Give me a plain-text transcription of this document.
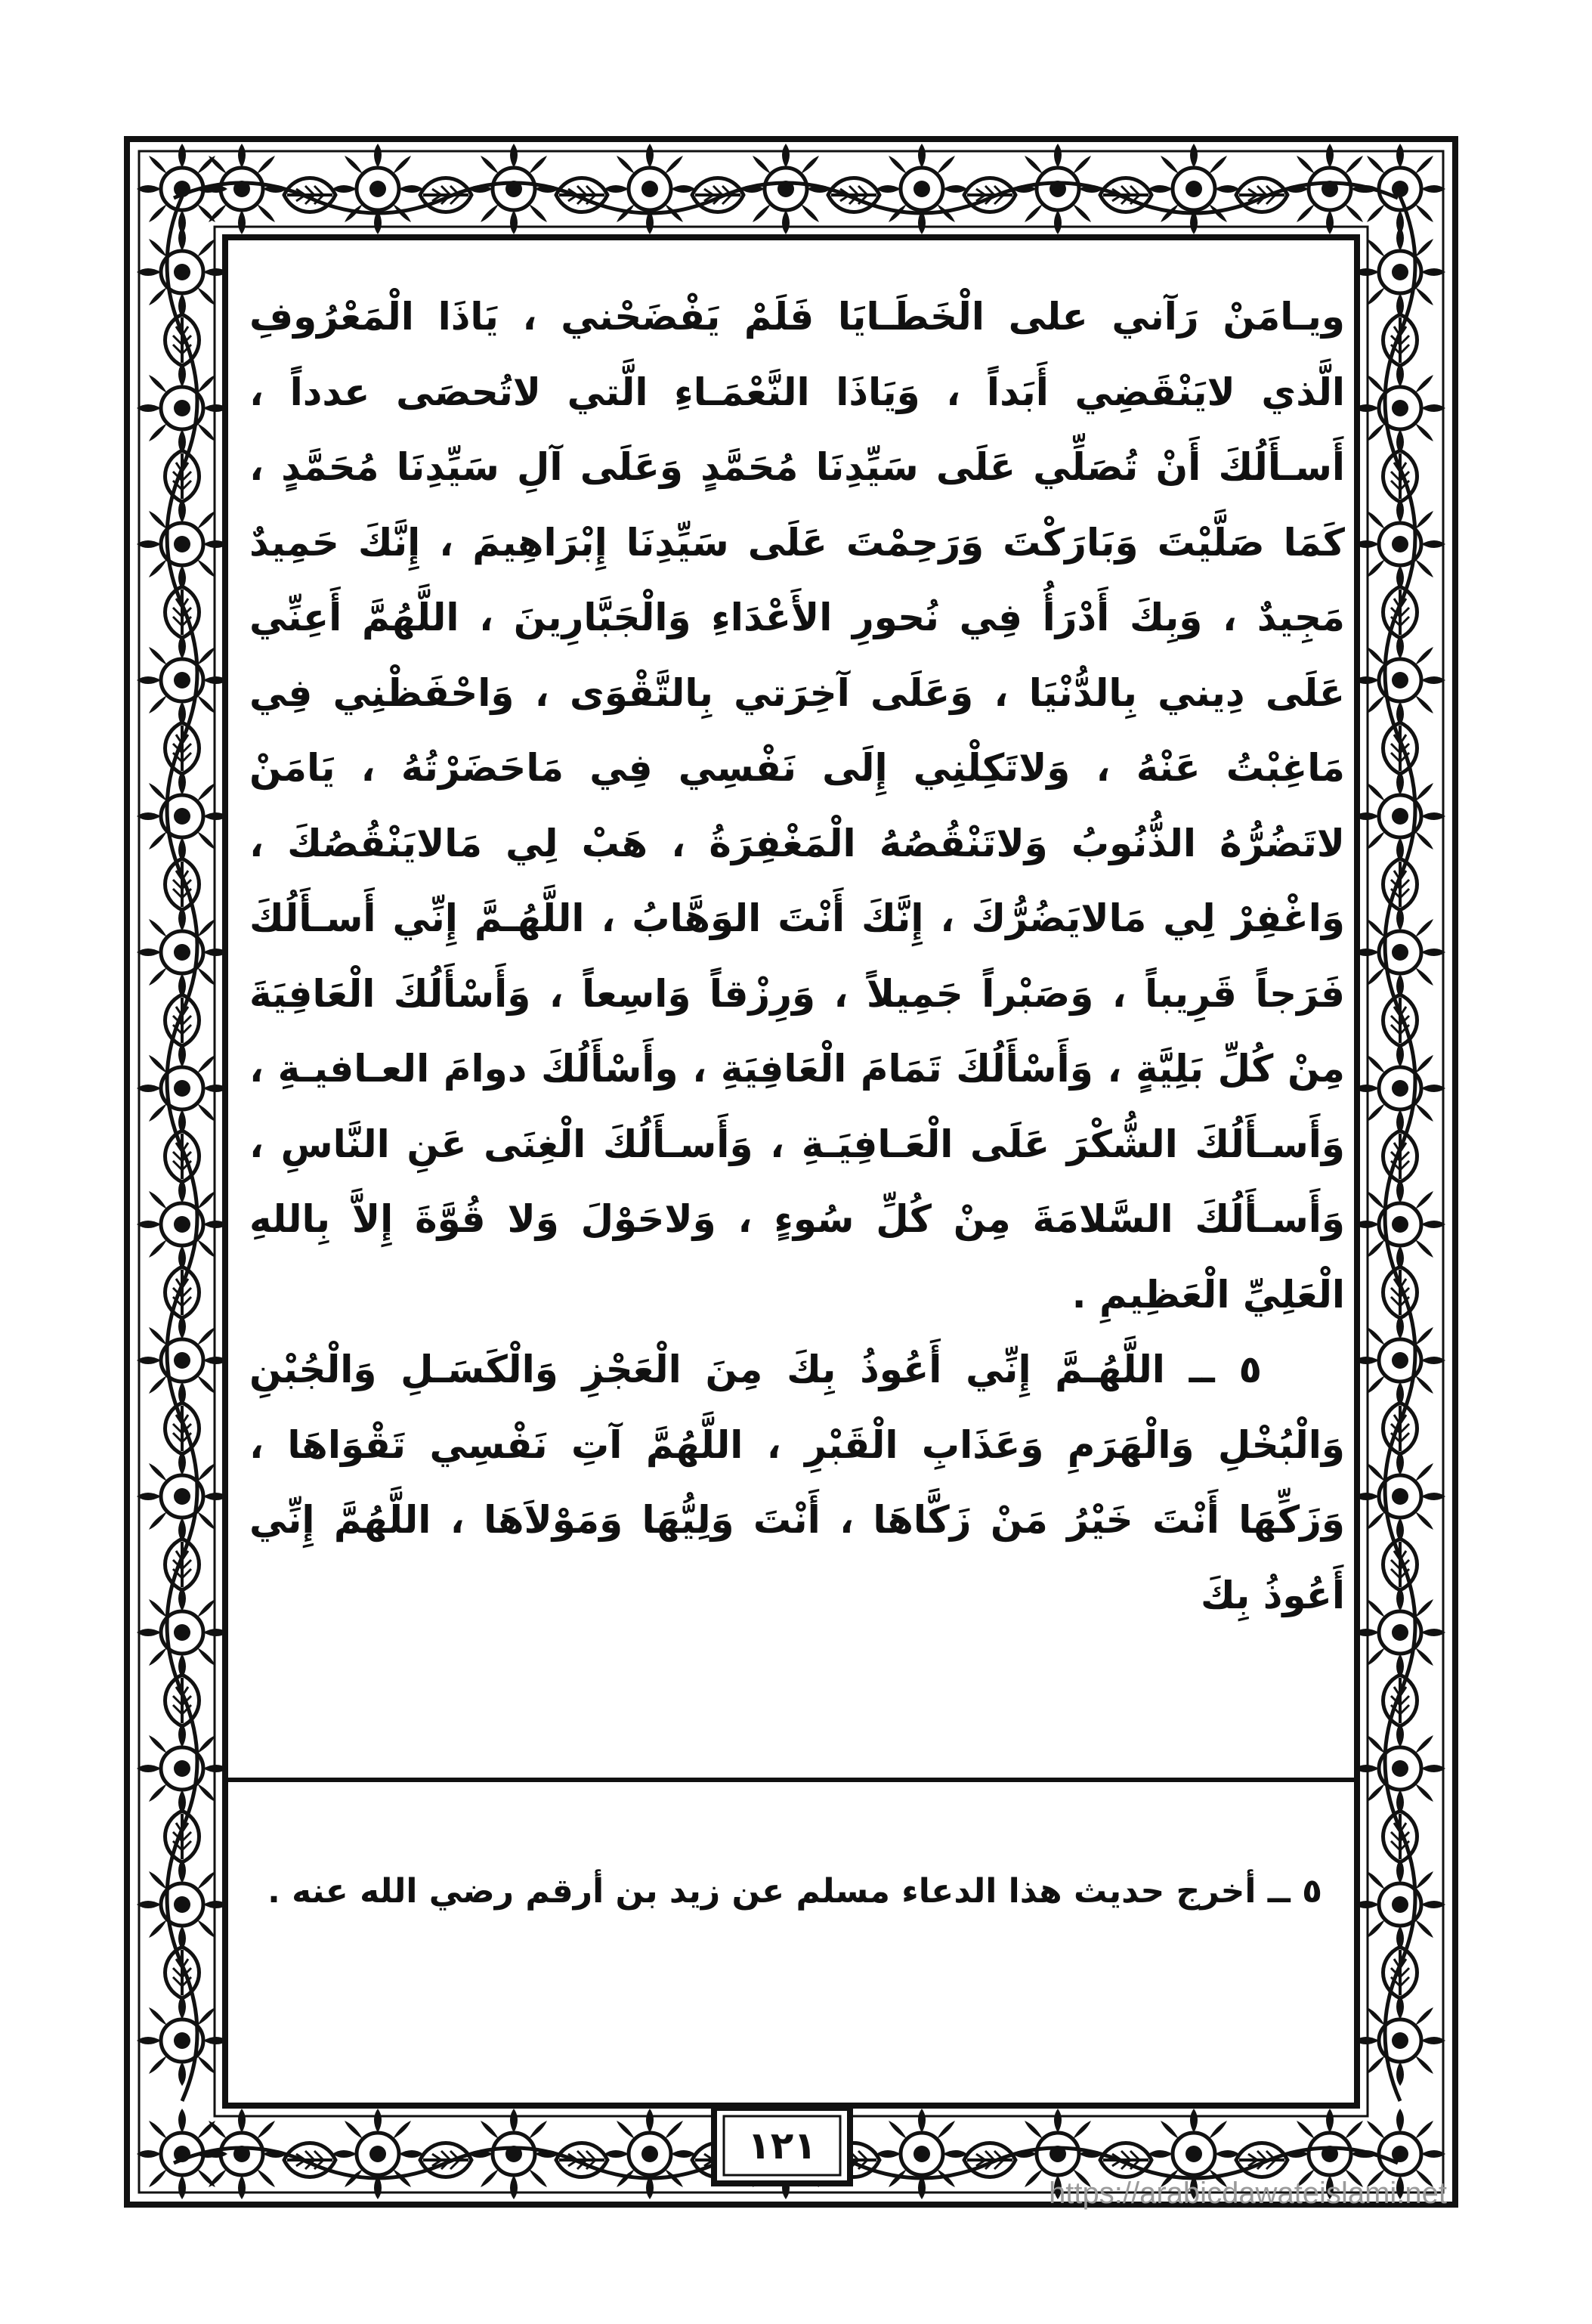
ويـامَنْ رَآني على الْخَطَـايَا فَلَمْ يَفْضَحْني ، يَاذَا الْمَعْرُوفِ الَّذي لايَنْقَضِي أَبَداً ، وَيَاذَا النَّعْمَـاءِ الَّتي لاتُحصَى عدداً ، أَسـأَلُكَ أَنْ تُصَلِّي عَلَى سَيِّدِنَا مُحَمَّدٍ وَعَلَى آلِ سَيِّدِنَا مُحَمَّدٍ ، كَمَا صَلَّيْتَ وَبَارَكْتَ وَرَحِمْتَ عَلَى سَيِّدِنَا إِبْرَاهِيمَ ، إِنَّكَ حَمِيدٌ مَجِيدٌ ، وَبِكَ أَدْرَأُ فِي نُحورِ الأَعْدَاءِ وَالْجَبَّارِينَ ، اللَّهُمَّ أَعِنِّي عَلَى دِيني بِالدُّنْيَا ، وَعَلَى آخِرَتي بِالتَّقْوَى ، وَاحْفَظْنِي فِي مَاغِبْتُ عَنْهُ ، وَلاتَكِلْنِي إِلَى نَفْسِي فِي مَاحَضَرْتُهُ ، يَامَنْ لاتَضُرُّهُ الذُّنُوبُ وَلاتَنْقُصُهُ الْمَغْفِرَةُ ، هَبْ لِي مَالايَنْقُصُكَ ، وَاغْفِرْ لِي مَالايَضُرُّكَ ، إِنَّكَ أَنْتَ الوَهَّابُ ، اللَّهُـمَّ إِنِّي أَسـأَلُكَ فَرَجاً قَرِيباً ، وَصَبْراً جَمِيلاً ، وَرِزْقاً وَاسِعاً ، وَأَسْأَلُكَ الْعَافِيَةَ مِنْ كُلِّ بَلِيَّةٍ ، وَأَسْأَلُكَ تَمَامَ الْعَافِيَةِ ، وأَسْأَلُكَ دوامَ العـافيـةِ ، وَأَسـأَلُكَ الشُّكْرَ عَلَى الْعَـافِيَـةِ ، وَأَسـأَلُكَ الْغِنَى عَنِ النَّاسِ ، وَأَسـأَلُكَ السَّلامَةَ مِنْ كُلِّ سُوءٍ ، وَلاحَوْلَ وَلا قُوَّةَ إِلاَّ بِاللهِ الْعَلِيِّ الْعَظِيمِ .

٥ ــ اللَّهُـمَّ إِنِّي أَعُوذُ بِكَ مِنَ الْعَجْزِ وَالْكَسَـلِ وَالْجُبْنِ وَالْبُخْلِ وَالْهَرَمِ وَعَذَابِ الْقَبْرِ ، اللَّهُمَّ آتِ نَفْسِي تَقْوَاهَا ، وَزَكِّهَا أَنْتَ خَيْرُ مَنْ زَكَّاهَا ، أَنْتَ وَلِيُّهَا وَمَوْلاَهَا ، اللَّهُمَّ إِنِّي أَعُوذُ بِكَ

٥ ــ أخرج حديث هذا الدعاء مسلم عن زيد بن أرقم رضي الله عنه .
١٢١
https://arabicdawateislami.net
